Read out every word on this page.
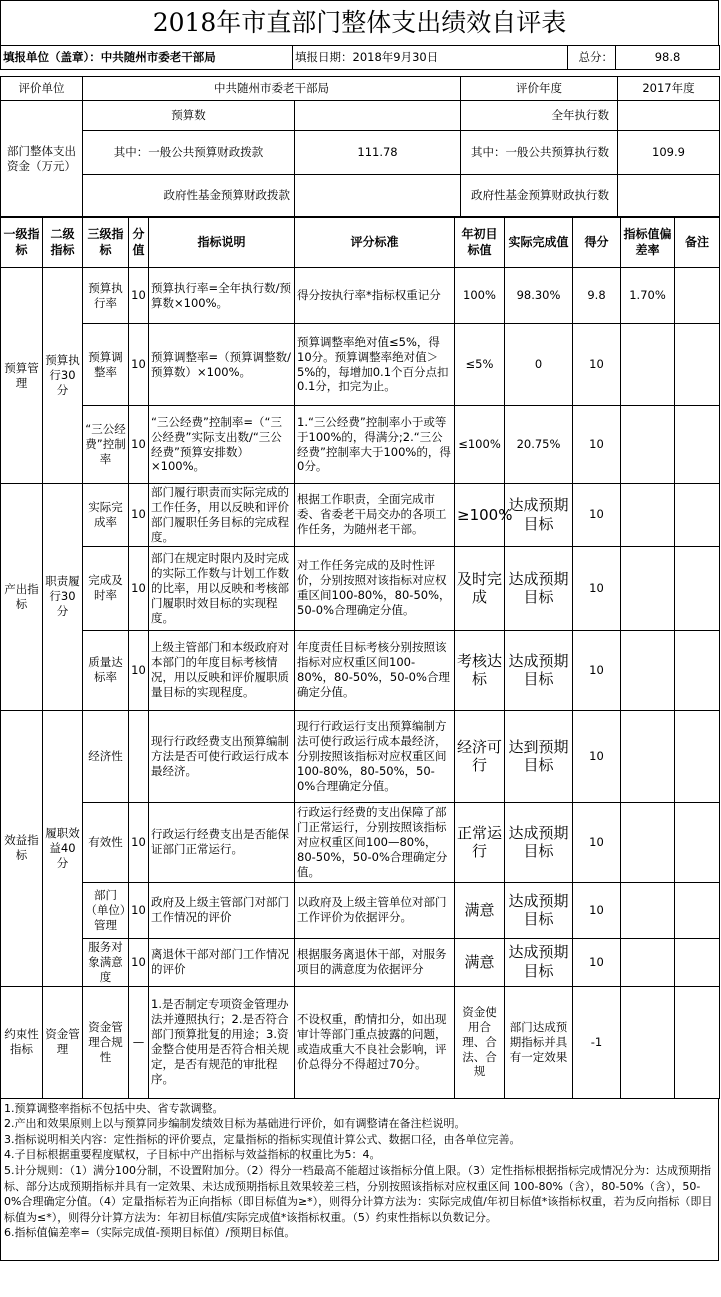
2018年市直部门整体支出绩效自评表
填报单位（盖章）：中共随州市委老干部局	填报日期：2018年9月30日	总分：	98.8
评价单位	中共随州市委老干部局		评价年度	2017年度
部门整体支出资金（万元）	预算数		全年执行数	
	其中：一般公共预算财政拨款	111.78	其中：一般公共预算执行数	109.9
	政府性基金预算财政拨款		政府性基金预算财政执行数	
一级指标	二级指标	三级指标	分值	指标说明	评分标准	年初目标值	实际完成值	得分	指标值偏差率	备注
预算管理	预算执行30分	预算执行率	10	预算执行率=全年执行数/预算数×100%。	得分按执行率*指标权重记分	100%	98.30%	9.8	1.70%	
		预算调整率	10	预算调整率=（预算调整数/预算数）×100%。	预算调整率绝对值≤5%，得10分。预算调整率绝对值＞5%的，每增加0.1个百分点扣0.1分，扣完为止。	≤5%	0	10		
		“三公经费”控制率	10	“三公经费”控制率=（“三公经费”实际支出数/“三公经费”预算安排数）×100%。	1.“三公经费”控制率小于或等于100%的，得满分;2.“三公经费”控制率大于100%的，得0分。	≤100%	20.75%	10		
产出指标	职责履行30分	实际完成率	10	部门履行职责而实际完成的工作任务，用以反映和评价部门履职任务目标的完成程度。	根据工作职责，全面完成市委、省委老干局交办的各项工作任务，为随州老干部。	≥100%	达成预期目标	10		
		完成及时率	10	部门在规定时限内及时完成的实际工作数与计划工作数的比率，用以反映和考核部门履职时效目标的实现程度。	对工作任务完成的及时性评价，分别按照对该指标对应权重区间100-80%，80-50%，50-0%合理确定分值。	及时完成	达成预期目标	10		
		质量达标率	10	上级主管部门和本级政府对本部门的年度目标考核情况，用以反映和评价履职质量目标的实现程度。	年度责任目标考核分别按照该指标对应权重区间100-80%，80-50%，50-0%合理确定分值。	考核达标	达成预期目标	10		
效益指标	履职效益40分	经济性		现行行政经费支出预算编制方法是否可使行政运行成本最经济。	现行行政运行支出预算编制方法可使行政运行成本最经济，分别按照该指标对应权重区间100-80%，80-50%，50-0%合理确定分值。	经济可行	达到预期目标	10		
		有效性	10	行政运行经费支出是否能保证部门正常运行。	行政运行经费的支出保障了部门正常运行，分别按照该指标对应权重区间100—80%，80-50%，50-0%合理确定分值。	正常运行	达成预期目标	10		
		部门（单位）管理	10	政府及上级主管部门对部门工作情况的评价	以政府及上级主管单位对部门工作评价为依据评分。	满意	达成预期目标	10		
		服务对象满意度	10	离退休干部对部门工作情况的评价	根据服务离退休干部，对服务项目的满意度为依据评分	满意	达成预期目标	10		
约束性指标	资金管理	资金管理合规性	—	1.是否制定专项资金管理办法并遵照执行；2.是否符合部门预算批复的用途；3.资金整合使用是否符合相关规定，是否有规范的审批程序。	不设权重，酌情扣分，如出现审计等部门重点披露的问题，或造成重大不良社会影响，评价总得分不得超过70分。	资金使用合理、合法、合规	部门达成预期指标并具有一定效果	-1		
1.预算调整率指标不包括中央、省专款调整。
2.产出和效果原则上以与预算同步编制发绩效目标为基础进行评价，如有调整请在备注栏说明。
3.指标说明相关内容：定性指标的评价要点，定量指标的指标实现值计算公式、数据口径，由各单位完善。
4.子目标根据重要程度赋权，子目标中产出指标与效益指标的权重比为5：4。
5.计分规则：（1）满分100分制，不设置附加分。（2）得分一档最高不能超过该指标分值上限。（3）定性指标根据指标完成情况分为：达成预期指标、部分达成预期指标并具有一定效果、未达成预期指标且效果较差三档，分别按照该指标对应权重区间 100-80%（含），80-50%（含），50-0%合理确定分值。（4）定量指标若为正向指标（即目标值为≥*），则得分计算方法为：实际完成值/年初目标值*该指标权重，若为反向指标（即目标值为≤*），则得分计算方法为：年初目标值/实际完成值*该指标权重。（5）约束性指标以负数记分。
6.指标值偏差率=（实际完成值-预期目标值）/预期目标值。
